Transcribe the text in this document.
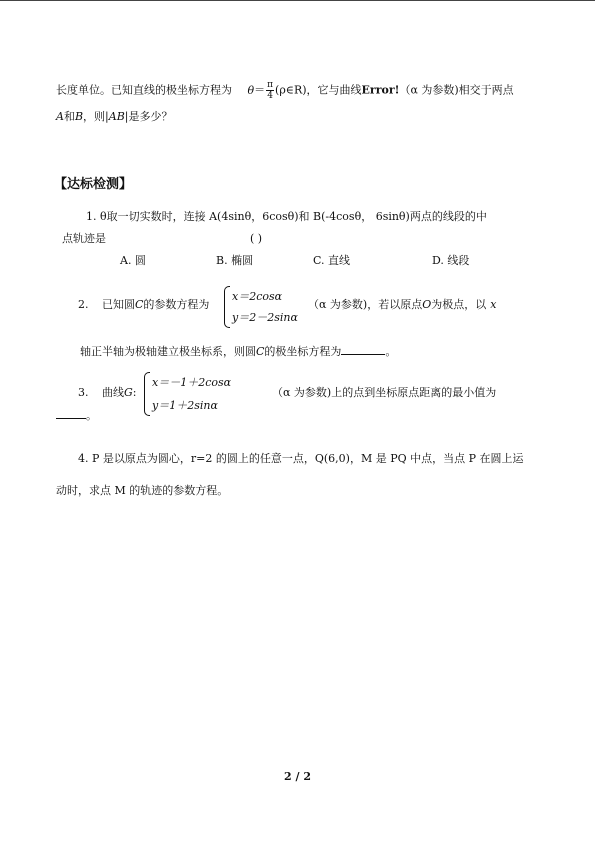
长度单位。已知直线的极坐标方程为 $\theta= \frac{\pi}{4}$ (ρ∈R)，它与曲线Error!（α 为参数)相交于两点
A和B，则|AB|是多少？
【达标检测】
1. θ取一切实数时，连接 A(4sinθ，6cosθ)和 B(-4cosθ， 6sinθ)两点的线段的中
点轨迹是	( )
A. 圆	B. 椭圆	C. 直线	D. 线段
2. 已知圆C的参数方程为
x＝2cosα
y＝2－2sinα
（α 为参数)，若以原点O为极点，以 x
轴正半轴为极轴建立极坐标系，则圆C的极坐标方程为	。
3. 曲线G:
x＝－1＋2cosα
y＝1＋2sinα
（α 为参数)上的点到坐标原点距离的最小值为
。
4. P 是以原点为圆心，r=2 的圆上的任意一点，Q(6,0)，M 是 PQ 中点，当点 P 在圆上运
动时，求点 M 的轨迹的参数方程。
2 / 2
